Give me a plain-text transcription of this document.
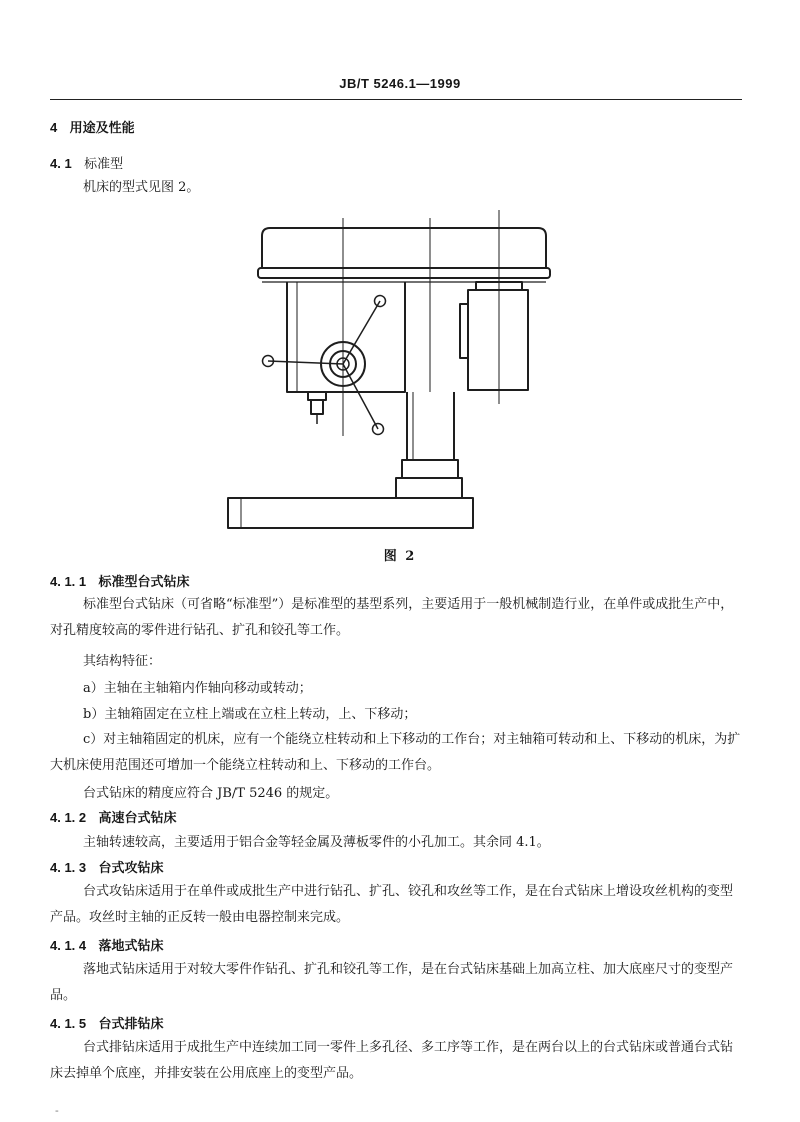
JB/T 5246.1—1999
4 用途及性能
4. 1 标准型
机床的型式见图 2。
图 2
4. 1. 1 标准型台式钻床
标准型台式钻床（可省略“标准型”）是标准型的基型系列，主要适用于一般机械制造行业，在单件或成批生产中，对孔精度较高的零件进行钻孔、扩孔和铰孔等工作。
其结构特征：
a）主轴在主轴箱内作轴向移动或转动；
b）主轴箱固定在立柱上端或在立柱上转动，上、下移动；
c）对主轴箱固定的机床，应有一个能绕立柱转动和上下移动的工作台；对主轴箱可转动和上、下移动的机床，为扩大机床使用范围还可增加一个能绕立柱转动和上、下移动的工作台。
台式钻床的精度应符合 JB/T 5246 的规定。
4. 1. 2 高速台式钻床
主轴转速较高，主要适用于铝合金等轻金属及薄板零件的小孔加工。其余同 4.1。
4. 1. 3 台式攻钻床
台式攻钻床适用于在单件或成批生产中进行钻孔、扩孔、铰孔和攻丝等工作，是在台式钻床上增设攻丝机构的变型产品。攻丝时主轴的正反转一般由电器控制来完成。
4. 1. 4 落地式钻床
落地式钻床适用于对较大零件作钻孔、扩孔和铰孔等工作，是在台式钻床基础上加高立柱、加大底座尺寸的变型产品。
4. 1. 5 台式排钻床
台式排钻床适用于成批生产中连续加工同一零件上多孔径、多工序等工作，是在两台以上的台式钻床或普通台式钻床去掉单个底座，并排安装在公用底座上的变型产品。
-
